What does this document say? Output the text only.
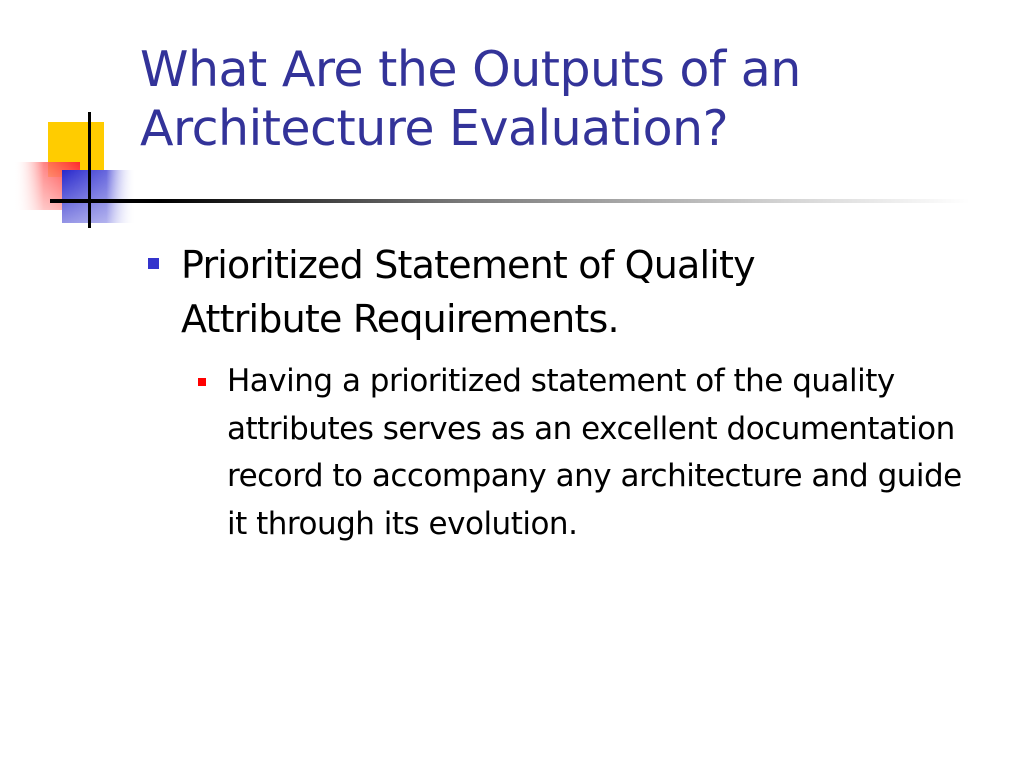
What Are the Outputs of an Architecture Evaluation?

Prioritized Statement of Quality Attribute Requirements.

Having a prioritized statement of the quality attributes serves as an excellent documentation record to accompany any architecture and guide it through its evolution.
